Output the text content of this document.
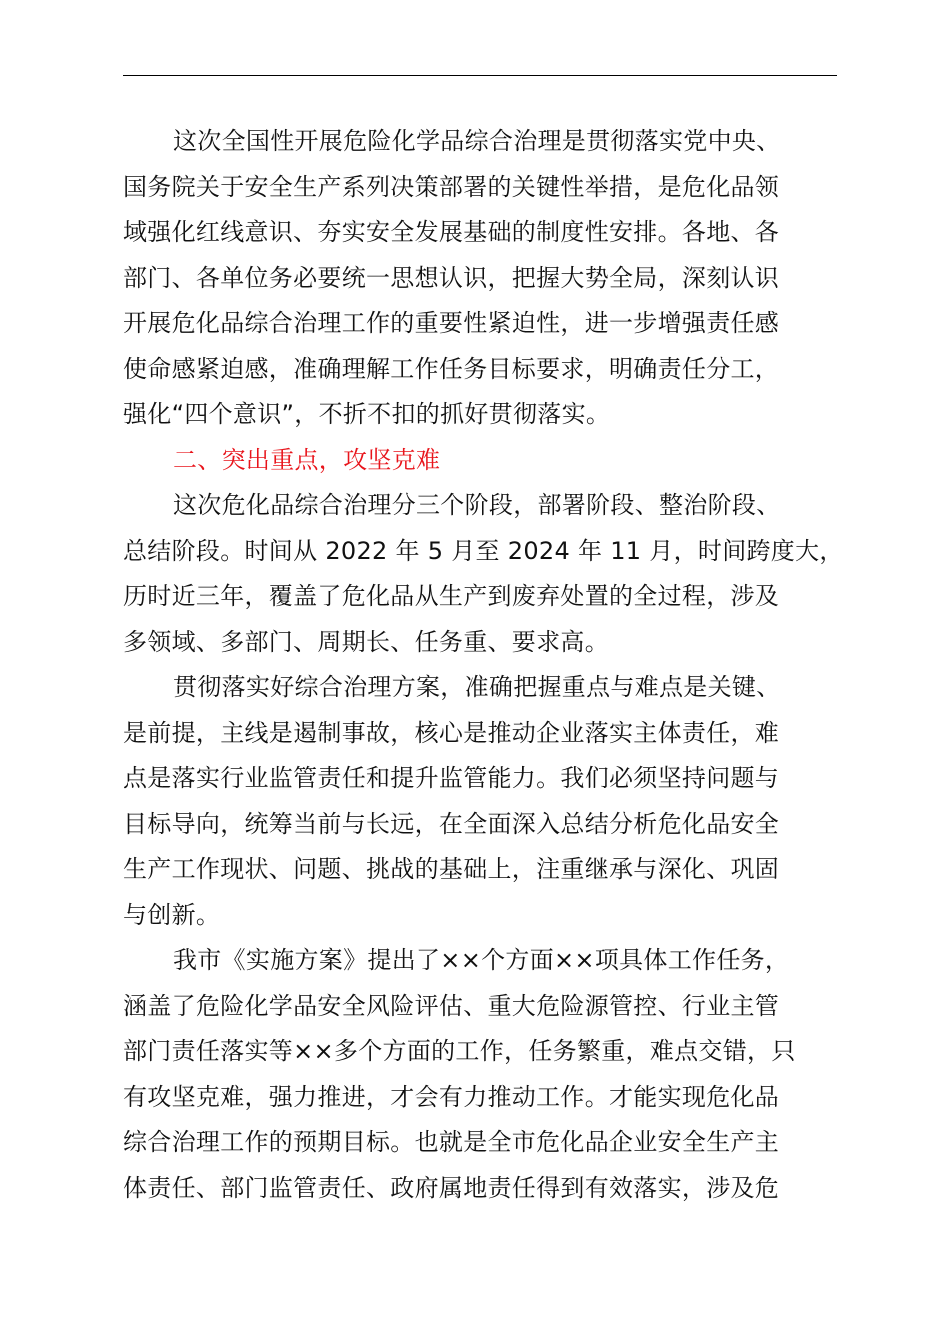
这次全国性开展危险化学品综合治理是贯彻落实党中央、
国务院关于安全生产系列决策部署的关键性举措，是危化品领
域强化红线意识、夯实安全发展基础的制度性安排。各地、各
部门、各单位务必要统一思想认识，把握大势全局，深刻认识
开展危化品综合治理工作的重要性紧迫性，进一步增强责任感
使命感紧迫感，准确理解工作任务目标要求，明确责任分工，
强化“四个意识”，不折不扣的抓好贯彻落实。
二、突出重点，攻坚克难
这次危化品综合治理分三个阶段，部署阶段、整治阶段、
总结阶段。时间从 2022 年 5 月至 2024 年 11 月，时间跨度大，
历时近三年，覆盖了危化品从生产到废弃处置的全过程，涉及
多领域、多部门、周期长、任务重、要求高。
贯彻落实好综合治理方案，准确把握重点与难点是关键、
是前提，主线是遏制事故，核心是推动企业落实主体责任，难
点是落实行业监管责任和提升监管能力。我们必须坚持问题与
目标导向，统筹当前与长远，在全面深入总结分析危化品安全
生产工作现状、问题、挑战的基础上，注重继承与深化、巩固
与创新。
我市《实施方案》提出了××个方面××项具体工作任务，
涵盖了危险化学品安全风险评估、重大危险源管控、行业主管
部门责任落实等××多个方面的工作，任务繁重，难点交错，只
有攻坚克难，强力推进，才会有力推动工作。才能实现危化品
综合治理工作的预期目标。也就是全市危化品企业安全生产主
体责任、部门监管责任、政府属地责任得到有效落实，涉及危
